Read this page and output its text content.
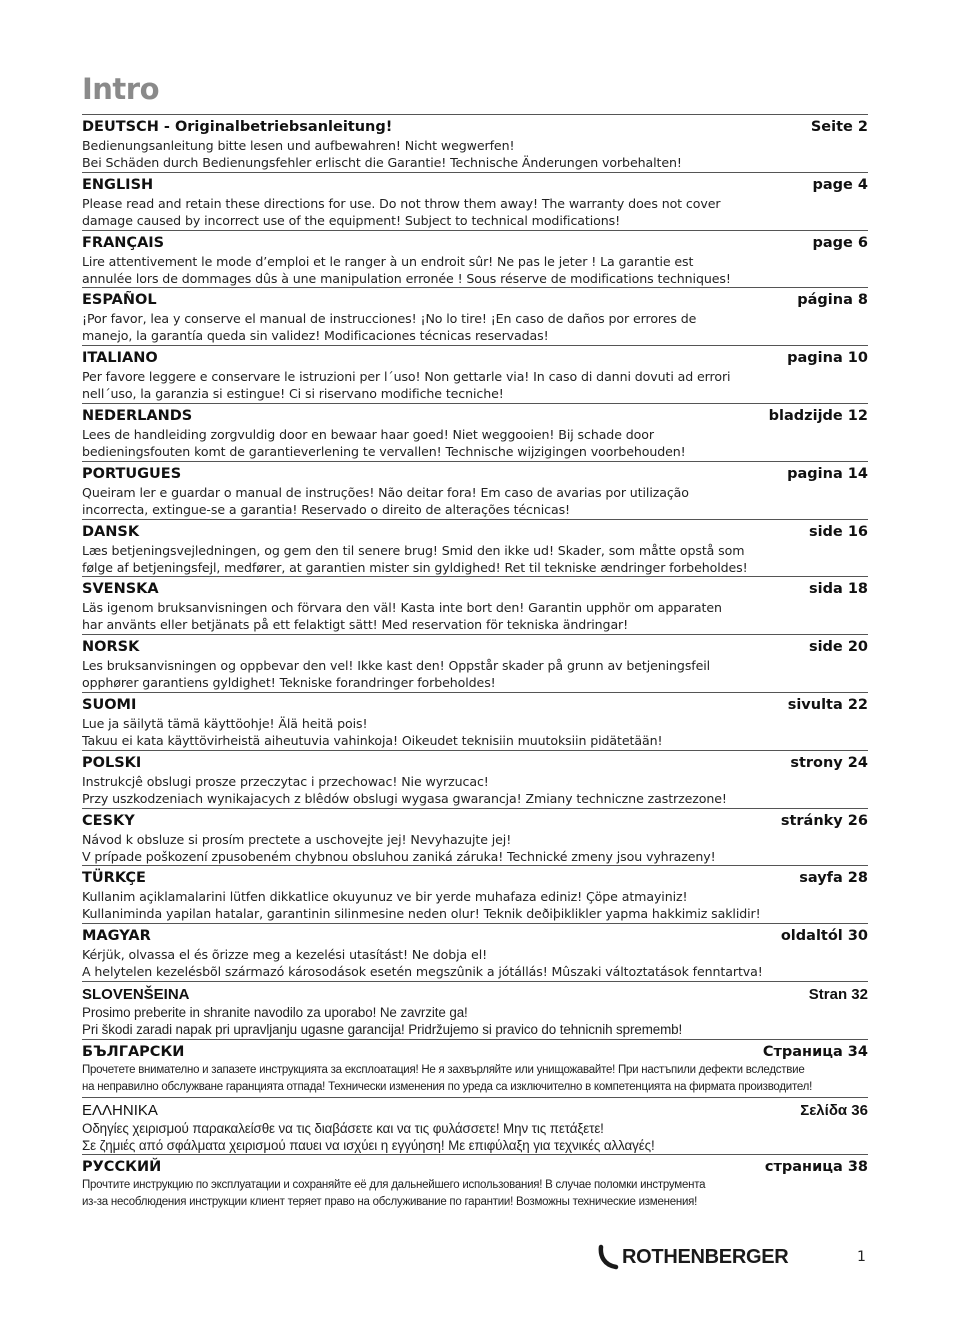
Intro
DEUTSCH - Originalbetriebsanleitung!	Seite 2
Bedienungsanleitung bitte lesen und aufbewahren! Nicht wegwerfen!
Bei Schäden durch Bedienungsfehler erlischt die Garantie! Technische Änderungen vorbehalten!
ENGLISH	page 4
Please read and retain these directions for use. Do not throw them away! The warranty does not cover
damage caused by incorrect use of the equipment! Subject to technical modifications!
FRANÇAIS	page 6
Lire attentivement le mode d’emploi et le ranger à un endroit sûr! Ne pas le jeter ! La garantie est
annulée lors de dommages dûs à une manipulation erronée ! Sous réserve de modifications techniques!
ESPAÑOL	página 8
¡Por favor, lea y conserve el manual de instrucciones! ¡No lo tire! ¡En caso de daños por errores de
manejo, la garantía queda sin validez! Modificaciones técnicas reservadas!
ITALIANO	pagina 10
Per favore leggere e conservare le istruzioni per l´uso! Non gettarle via! In caso di danni dovuti ad errori
nell´uso, la garanzia si estingue! Ci si riservano modifiche tecniche!
NEDERLANDS	bladzijde 12
Lees de handleiding zorgvuldig door en bewaar haar goed! Niet weggooien! Bij schade door
bedieningsfouten komt de garantieverlening te vervallen! Technische wijzigingen voorbehouden!
PORTUGUES	pagina 14
Queiram ler e guardar o manual de instruções! Não deitar fora! Em caso de avarias por utilização
incorrecta, extingue-se a garantia! Reservado o direito de alterações técnicas!
DANSK	side 16
Læs betjeningsvejledningen, og gem den til senere brug! Smid den ikke ud! Skader, som måtte opstå som
følge af betjeningsfejl, medfører, at garantien mister sin gyldighed! Ret til tekniske ændringer forbeholdes!
SVENSKA	sida 18
Läs igenom bruksanvisningen och förvara den väl! Kasta inte bort den! Garantin upphör om apparaten
har använts eller betjänats på ett felaktigt sätt! Med reservation för tekniska ändringar!
NORSK	side 20
Les bruksanvisningen og oppbevar den vel! Ikke kast den! Oppstår skader på grunn av betjeningsfeil
opphører garantiens gyldighet! Tekniske forandringer forbeholdes!
SUOMI	sivulta 22
Lue ja säilytä tämä käyttöohje! Älä heitä pois!
Takuu ei kata käyttövirheistä aiheutuvia vahinkoja! Oikeudet teknisiin muutoksiin pidätetään!
POLSKI	strony 24
Instrukcjê obslugi prosze przeczytac i przechowac! Nie wyrzucac!
Przy uszkodzeniach wynikajacych z blêdów obslugi wygasa gwarancja! Zmiany techniczne zastrzezone!
CESKY	stránky 26
Návod k obsluze si prosím prectete a uschovejte jej! Nevyhazujte jej!
V prípade poškození zpusobeném chybnou obsluhou zaniká záruka! Technické zmeny jsou vyhrazeny!
TÜRKÇE	sayfa 28
Kullanim açiklamalarini lütfen dikkatlice okuyunuz ve bir yerde muhafaza ediniz! Çöpe atmayiniz!
Kullaniminda yapilan hatalar, garantinin silinmesine neden olur! Teknik deðiþiklikler yapma hakkimiz saklidir!
MAGYAR	oldaltól 30
Kérjük, olvassa el és õrizze meg a kezelési utasítást! Ne dobja el!
A helytelen kezelésbõl származó károsodások esetén megszûnik a jótállás! Mûszaki változtatások fenntartva!
SLOVENŠEINA	Stran 32
Prosimo preberite in shranite navodilo za uporabo! Ne zavrzite ga!
Pri škodi zaradi napak pri upravljanju ugasne garancija! Pridržujemo si pravico do tehnicnih sprememb!
БЪЛГАРСКИ	Страница 34
Прочетете внимателно и запазете инструкцията за експлоатация! Не я захвърляйте или унищожавайте! При настъпили дефекти вследствие
на неправилно обслужване гаранцията отпада! Технически изменения по уреда са изключително в компетенцията на фирмата производител!
ΕΛΛΗΝΙΚΑ	Σελίδα 36
Οδηγίες χειρισμού παρακαλείσθε να τις διαβάσετε και να τις φυλάσσετε! Μην τις πετάξετε!
Σε ζημιές από σφάλματα χειρισμού παυει να ισχύει η εγγύηση! Με επιφύλαξη για τεχνικές αλλαγές!
РУССКИЙ	страница 38
Прочтите инструкцию по эксплуатации и сохраняйте её для дальнейшего использования! В случае поломки инструмента
из-за несоблюдения инструкции клиент теряет право на обслуживание по гарантии! Возможны технические изменения!
ROTHENBERGER	1
